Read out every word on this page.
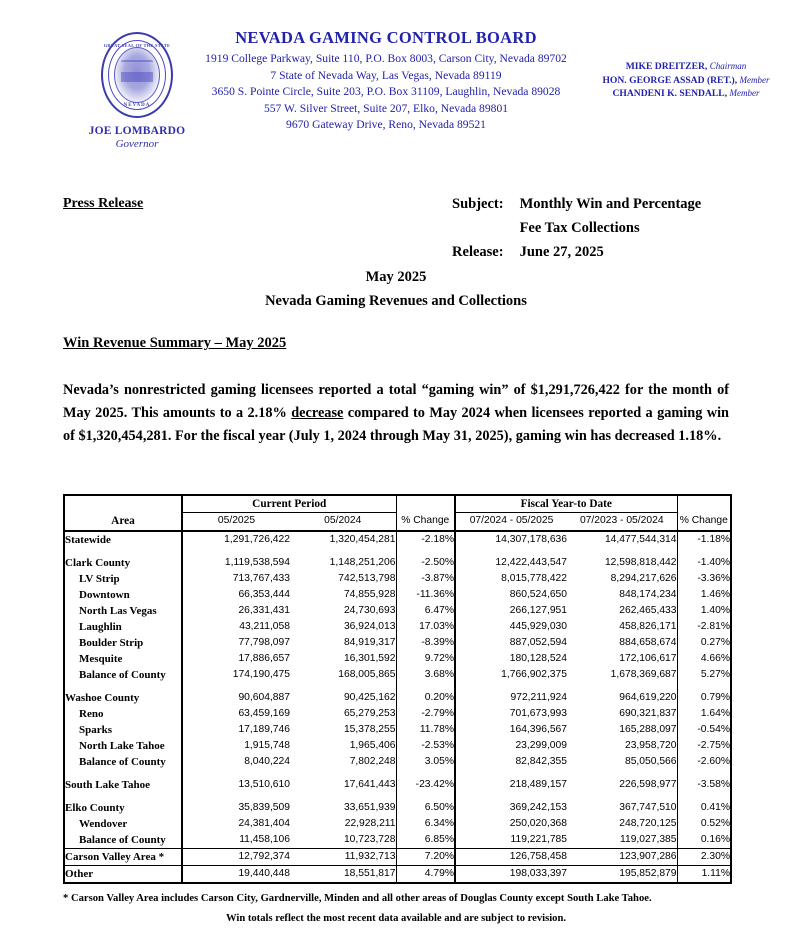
GREAT SEAL OF THE STATE
NEVADA
JOE LOMBARDO
Governor
NEVADA GAMING CONTROL BOARD
1919 College Parkway, Suite 110, P.O. Box 8003, Carson City, Nevada 89702
7 State of Nevada Way, Las Vegas, Nevada 89119
3650 S. Pointe Circle, Suite 203, P.O. Box 31109, Laughlin, Nevada 89028
557 W. Silver Street, Suite 207, Elko, Nevada 89801
9670 Gateway Drive, Reno, Nevada 89521
MIKE DREITZER, Chairman
HON. GEORGE ASSAD (RET.), Member
CHANDENI K. SENDALL, Member
Press Release	Subject:	Monthly Win and Percentage
	Fee Tax Collections
Release:	June 27, 2025
May 2025
Nevada Gaming Revenues and Collections
Win Revenue Summary – May 2025
Nevada’s nonrestricted gaming licensees reported a total “gaming win” of $1,291,726,422 for the month of May 2025. This amounts to a 2.18% decrease compared to May 2024 when licensees reported a gaming win of $1,320,454,281. For the fiscal year (July 1, 2024 through May 31, 2025), gaming win has decreased 1.18%.
	Current Period			Fiscal Year-to Date		
Area	05/2025	05/2024	% Change	07/2024 - 05/2025	07/2023 - 05/2024	% Change
Statewide	1,291,726,422	1,320,454,281	-2.18%	14,307,178,636	14,477,544,314	-1.18%

Clark County	1,119,538,594	1,148,251,206	-2.50%	12,422,443,547	12,598,818,442	-1.40%
LV Strip	713,767,433	742,513,798	-3.87%	8,015,778,422	8,294,217,626	-3.36%
Downtown	66,353,444	74,855,928	-11.36%	860,524,650	848,174,234	1.46%
North Las Vegas	26,331,431	24,730,693	6.47%	266,127,951	262,465,433	1.40%
Laughlin	43,211,058	36,924,013	17.03%	445,929,030	458,826,171	-2.81%
Boulder Strip	77,798,097	84,919,317	-8.39%	887,052,594	884,658,674	0.27%
Mesquite	17,886,657	16,301,592	9.72%	180,128,524	172,106,617	4.66%
Balance of County	174,190,475	168,005,865	3.68%	1,766,902,375	1,678,369,687	5.27%

Washoe County	90,604,887	90,425,162	0.20%	972,211,924	964,619,220	0.79%
Reno	63,459,169	65,279,253	-2.79%	701,673,993	690,321,837	1.64%
Sparks	17,189,746	15,378,255	11.78%	164,396,567	165,288,097	-0.54%
North Lake Tahoe	1,915,748	1,965,406	-2.53%	23,299,009	23,958,720	-2.75%
Balance of County	8,040,224	7,802,248	3.05%	82,842,355	85,050,566	-2.60%

South Lake Tahoe	13,510,610	17,641,443	-23.42%	218,489,157	226,598,977	-3.58%

Elko County	35,839,509	33,651,939	6.50%	369,242,153	367,747,510	0.41%
Wendover	24,381,404	22,928,211	6.34%	250,020,368	248,720,125	0.52%
Balance of County	11,458,106	10,723,728	6.85%	119,221,785	119,027,385	0.16%

Carson Valley Area *	12,792,374	11,932,713	7.20%	126,758,458	123,907,286	2.30%

Other	19,440,448	18,551,817	4.79%	198,033,397	195,852,879	1.11%

* Carson Valley Area includes Carson City, Gardnerville, Minden and all other areas of Douglas County except South Lake Tahoe.
Win totals reflect the most recent data available and are subject to revision.
